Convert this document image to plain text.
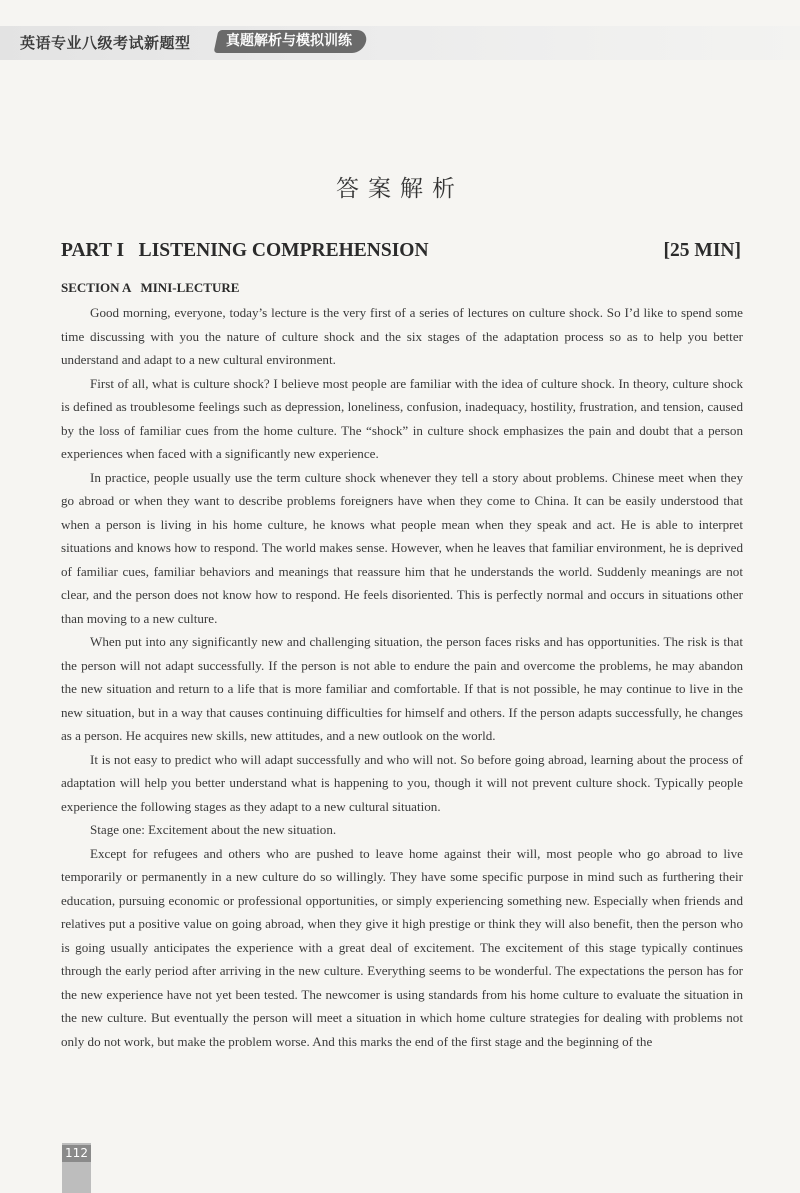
英语专业八级考试新题型	真题解析与模拟训练
答案解析
PART I   LISTENING COMPREHENSION	[25 MIN]
SECTION A   MINI-LECTURE

Good morning, everyone, today’s lecture is the very first of a series of lectures on culture shock. So I’d like to spend some time discussing with you the nature of culture shock and the six stages of the adaptation process so as to help you better understand and adapt to a new cultural environment.

First of all, what is culture shock? I believe most people are familiar with the idea of culture shock. In theory, culture shock is defined as troublesome feelings such as depression, loneliness, confusion, inadequacy, hostility, frustration, and tension, caused by the loss of familiar cues from the home culture. The “shock” in culture shock emphasizes the pain and doubt that a person experiences when faced with a significantly new experience.

In practice, people usually use the term culture shock whenever they tell a story about problems. Chinese meet when they go abroad or when they want to describe problems foreigners have when they come to China. It can be easily understood that when a person is living in his home culture, he knows what people mean when they speak and act. He is able to interpret situations and knows how to respond. The world makes sense. However, when he leaves that familiar environment, he is deprived of familiar cues, familiar behaviors and meanings that reassure him that he understands the world. Suddenly meanings are not clear, and the person does not know how to respond. He feels disoriented. This is perfectly normal and occurs in situations other than moving to a new culture.

When put into any significantly new and challenging situation, the person faces risks and has opportunities. The risk is that the person will not adapt successfully. If the person is not able to endure the pain and overcome the problems, he may abandon the new situation and return to a life that is more familiar and comfortable. If that is not possible, he may continue to live in the new situation, but in a way that causes continuing difficulties for himself and others. If the person adapts successfully, he changes as a person. He acquires new skills, new attitudes, and a new outlook on the world.

It is not easy to predict who will adapt successfully and who will not. So before going abroad, learning about the process of adaptation will help you better understand what is happening to you, though it will not prevent culture shock. Typically people experience the following stages as they adapt to a new cultural situation.

Stage one: Excitement about the new situation.

Except for refugees and others who are pushed to leave home against their will, most people who go abroad to live temporarily or permanently in a new culture do so willingly. They have some specific purpose in mind such as furthering their education, pursuing economic or professional opportunities, or simply experiencing something new. Especially when friends and relatives put a positive value on going abroad, when they give it high prestige or think they will also benefit, then the person who is going usually anticipates the experience with a great deal of excitement. The excitement of this stage typically continues through the early period after arriving in the new culture. Everything seems to be wonderful. The expectations the person has for the new experience have not yet been tested. The newcomer is using standards from his home culture to evaluate the situation in the new culture. But eventually the person will meet a situation in which home culture strategies for dealing with problems not only do not work, but make the problem worse. And this marks the end of the first stage and the beginning of the

112
